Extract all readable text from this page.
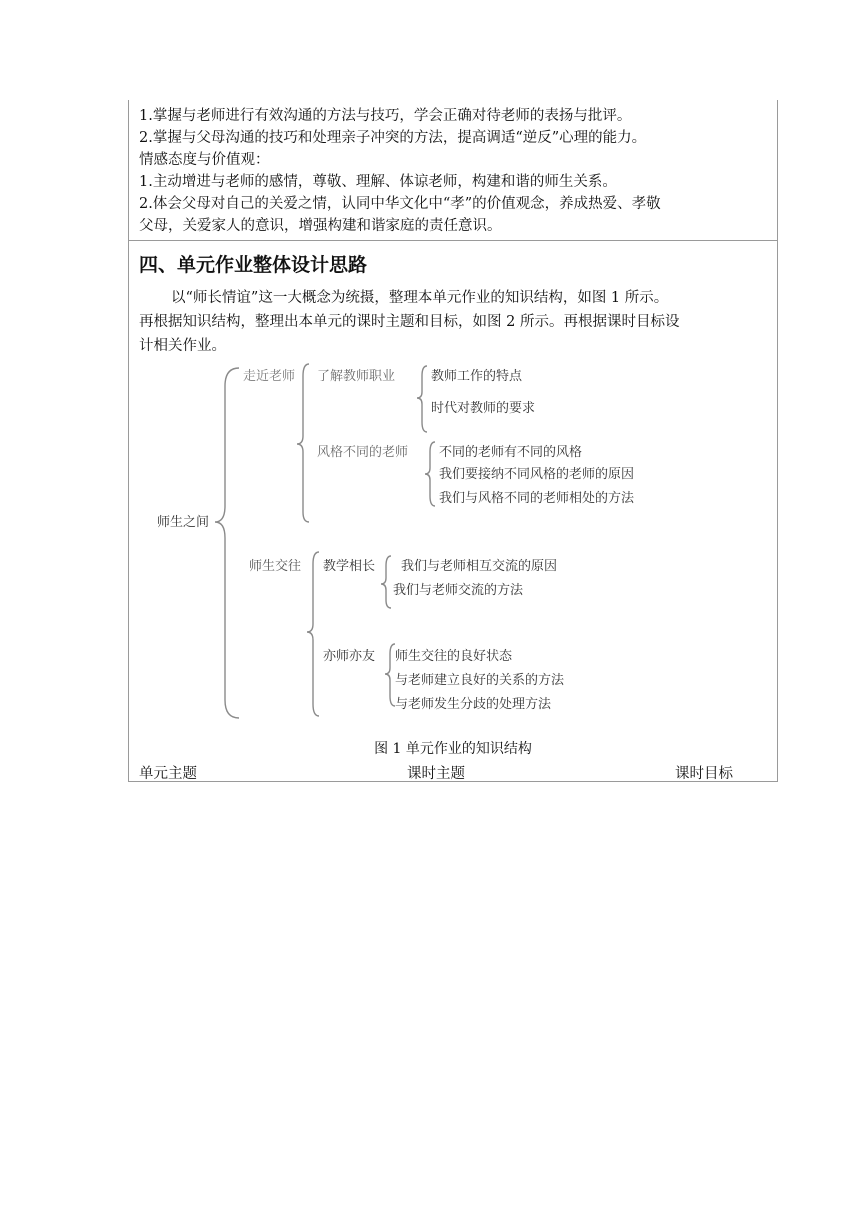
1.掌握与老师进行有效沟通的方法与技巧，学会正确对待老师的表扬与批评。
2.掌握与父母沟通的技巧和处理亲子冲突的方法，提高调适“逆反”心理的能力。
情感态度与价值观：
1.主动增进与老师的感情，尊敬、理解、体谅老师，构建和谐的师生关系。
2.体会父母对自己的关爱之情，认同中华文化中“孝”的价值观念，养成热爱、孝敬
父母，关爱家人的意识，增强构建和谐家庭的责任意识。
四、单元作业整体设计思路
以“师长情谊”这一大概念为统摄，整理本单元作业的知识结构，如图 1 所示。
再根据知识结构，整理出本单元的课时主题和目标，如图 2 所示。再根据课时目标设
计相关作业。
师生之间
走近老师 了解教师职业	教师工作的特点
时代对教师的要求
风格不同的老师 不同的老师有不同的风格
我们要接纳不同风格的老师的原因
我们与风格不同的老师相处的方法
师生交往 教学相长 我们与老师相互交流的原因
我们与老师交流的方法
亦师亦友 师生交往的良好状态
与老师建立良好的关系的方法
与老师发生分歧的处理方法
图 1 单元作业的知识结构
单元主题	课时主题	课时目标
